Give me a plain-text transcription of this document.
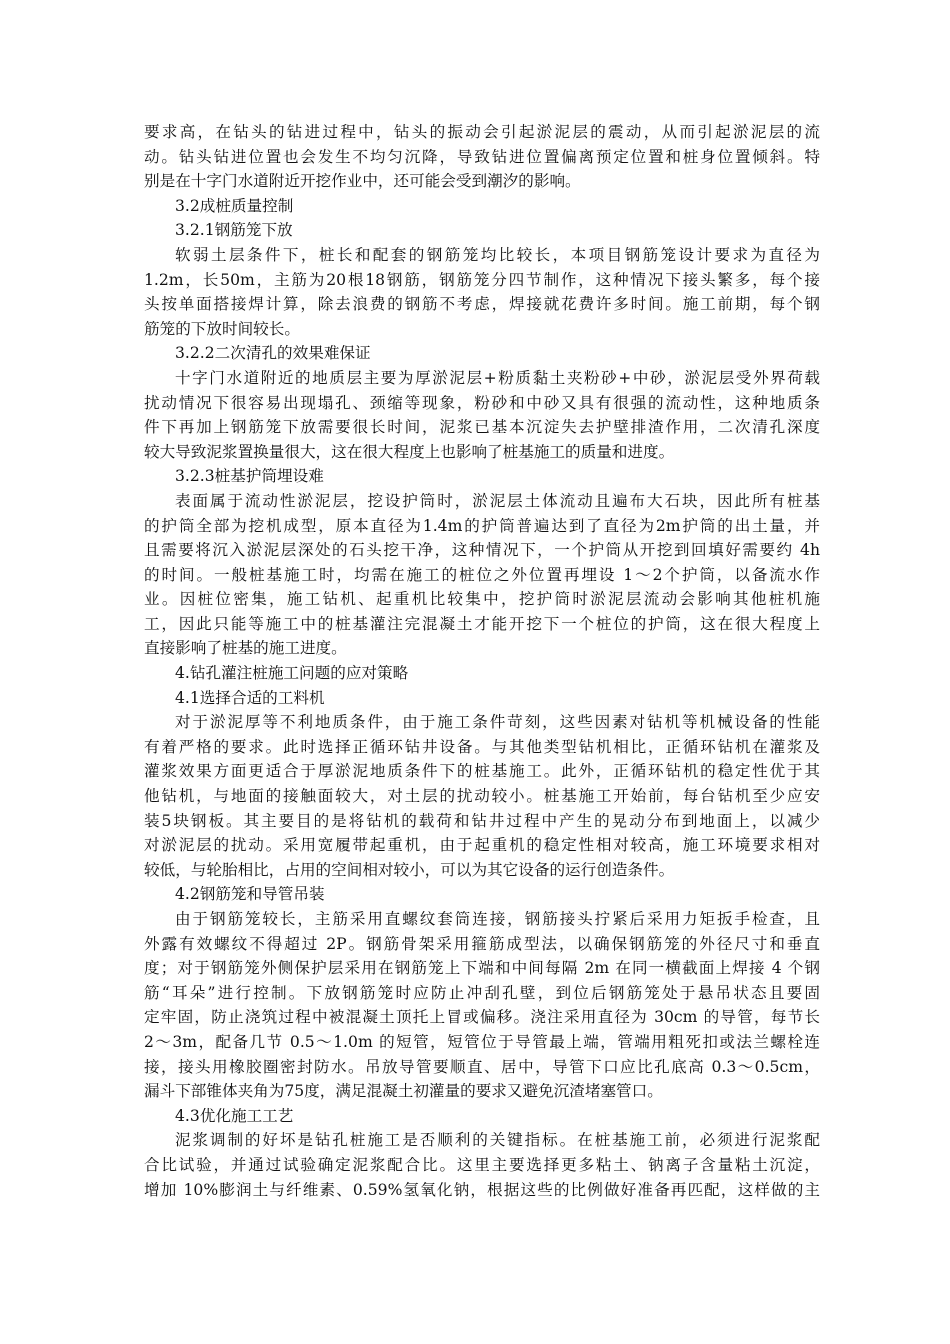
要求高，在钻头的钻进过程中，钻头的振动会引起淤泥层的震动，从而引起淤泥层的流
动。钻头钻进位置也会发生不均匀沉降，导致钻进位置偏离预定位置和桩身位置倾斜。特
别是在十字门水道附近开挖作业中，还可能会受到潮汐的影响。
3.2成桩质量控制
3.2.1钢筋笼下放
软弱土层条件下，桩长和配套的钢筋笼均比较长，本项目钢筋笼设计要求为直径为
1.2m，长50m，主筋为20根18钢筋，钢筋笼分四节制作，这种情况下接头繁多，每个接
头按单面搭接焊计算，除去浪费的钢筋不考虑，焊接就花费许多时间。施工前期，每个钢
筋笼的下放时间较长。
3.2.2二次清孔的效果难保证
十字门水道附近的地质层主要为厚淤泥层+粉质黏土夹粉砂+中砂，淤泥层受外界荷载
扰动情况下很容易出现塌孔、颈缩等现象，粉砂和中砂又具有很强的流动性，这种地质条
件下再加上钢筋笼下放需要很长时间，泥浆已基本沉淀失去护壁排渣作用，二次清孔深度
较大导致泥浆置换量很大，这在很大程度上也影响了桩基施工的质量和进度。
3.2.3桩基护筒埋设难
表面属于流动性淤泥层，挖设护筒时，淤泥层土体流动且遍布大石块，因此所有桩基
的护筒全部为挖机成型，原本直径为1.4m的护筒普遍达到了直径为2m护筒的出土量，并
且需要将沉入淤泥层深处的石头挖干净，这种情况下，一个护筒从开挖到回填好需要约 4h
的时间。一般桩基施工时，均需在施工的桩位之外位置再埋设 1～2个护筒，以备流水作
业。因桩位密集，施工钻机、起重机比较集中，挖护筒时淤泥层流动会影响其他桩机施
工，因此只能等施工中的桩基灌注完混凝土才能开挖下一个桩位的护筒，这在很大程度上
直接影响了桩基的施工进度。
4.钻孔灌注桩施工问题的应对策略
4.1选择合适的工料机
对于淤泥厚等不利地质条件，由于施工条件苛刻，这些因素对钻机等机械设备的性能
有着严格的要求。此时选择正循环钻井设备。与其他类型钻机相比，正循环钻机在灌浆及
灌浆效果方面更适合于厚淤泥地质条件下的桩基施工。此外，正循环钻机的稳定性优于其
他钻机，与地面的接触面较大，对土层的扰动较小。桩基施工开始前，每台钻机至少应安
装5块钢板。其主要目的是将钻机的载荷和钻井过程中产生的晃动分布到地面上，以减少
对淤泥层的扰动。采用宽履带起重机，由于起重机的稳定性相对较高，施工环境要求相对
较低，与轮胎相比，占用的空间相对较小，可以为其它设备的运行创造条件。
4.2钢筋笼和导管吊装
由于钢筋笼较长，主筋采用直螺纹套筒连接，钢筋接头拧紧后采用力矩扳手检查，且
外露有效螺纹不得超过 2P。钢筋骨架采用箍筋成型法，以确保钢筋笼的外径尺寸和垂直
度；对于钢筋笼外侧保护层采用在钢筋笼上下端和中间每隔 2m 在同一横截面上焊接 4 个钢
筋“耳朵”进行控制。下放钢筋笼时应防止冲刮孔壁，到位后钢筋笼处于悬吊状态且要固
定牢固，防止浇筑过程中被混凝土顶托上冒或偏移。浇注采用直径为 30cm 的导管，每节长
2～3m，配备几节 0.5～1.0m 的短管，短管位于导管最上端，管端用粗死扣或法兰螺栓连
接，接头用橡胶圈密封防水。吊放导管要顺直、居中，导管下口应比孔底高 0.3～0.5cm，
漏斗下部锥体夹角为75度，满足混凝土初灌量的要求又避免沉渣堵塞管口。
4.3优化施工工艺
泥浆调制的好坏是钻孔桩施工是否顺利的关键指标。在桩基施工前，必须进行泥浆配
合比试验，并通过试验确定泥浆配合比。这里主要选择更多粘土、钠离子含量粘土沉淀，
增加 10%膨润土与纤维素、0.59%氢氧化钠，根据这些的比例做好准备再匹配，这样做的主
